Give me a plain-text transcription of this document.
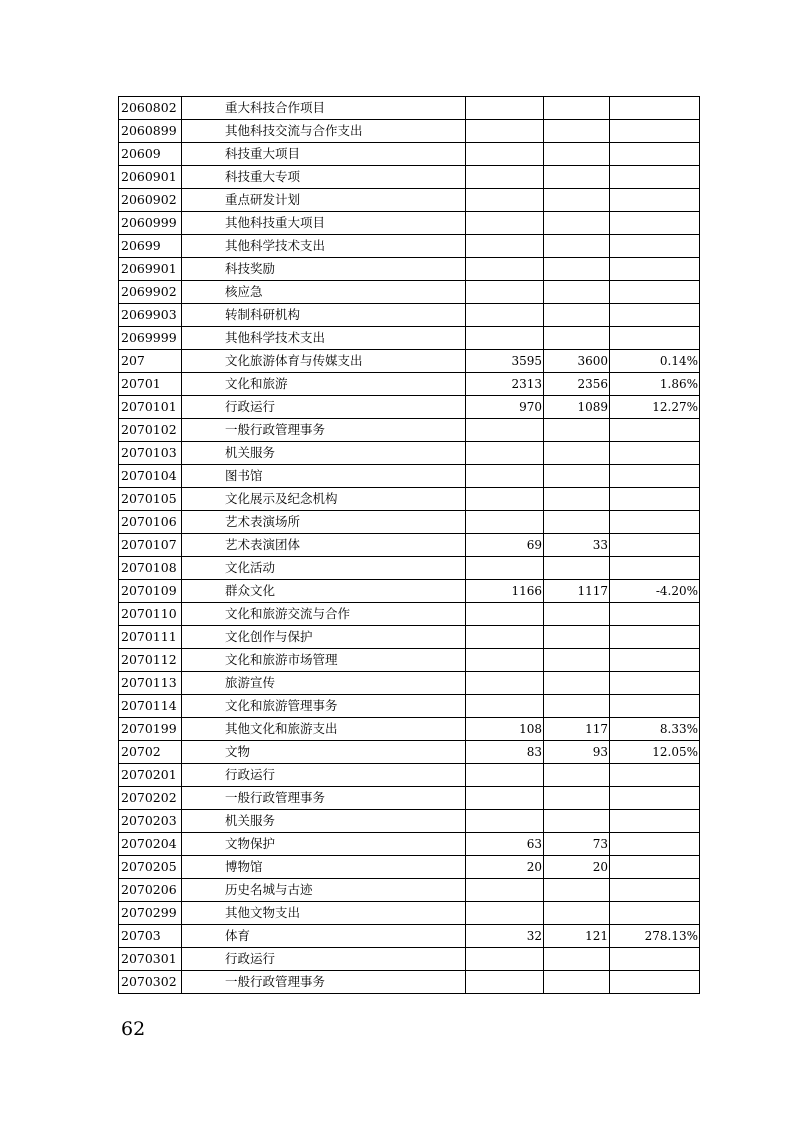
2060802	重大科技合作项目			
2060899	其他科技交流与合作支出			
20609	科技重大项目			
2060901	科技重大专项			
2060902	重点研发计划			
2060999	其他科技重大项目			
20699	其他科学技术支出			
2069901	科技奖励			
2069902	核应急			
2069903	转制科研机构			
2069999	其他科学技术支出			
207	文化旅游体育与传媒支出	3595	3600	0.14%
20701	文化和旅游	2313	2356	1.86%
2070101	行政运行	970	1089	12.27%
2070102	一般行政管理事务			
2070103	机关服务			
2070104	图书馆			
2070105	文化展示及纪念机构			
2070106	艺术表演场所			
2070107	艺术表演团体	69	33	
2070108	文化活动			
2070109	群众文化	1166	1117	-4.20%
2070110	文化和旅游交流与合作			
2070111	文化创作与保护			
2070112	文化和旅游市场管理			
2070113	旅游宣传			
2070114	文化和旅游管理事务			
2070199	其他文化和旅游支出	108	117	8.33%
20702	文物	83	93	12.05%
2070201	行政运行			
2070202	一般行政管理事务			
2070203	机关服务			
2070204	文物保护	63	73	
2070205	博物馆	20	20	
2070206	历史名城与古迹			
2070299	其他文物支出			
20703	体育	32	121	278.13%
2070301	行政运行			
2070302	一般行政管理事务			
62
